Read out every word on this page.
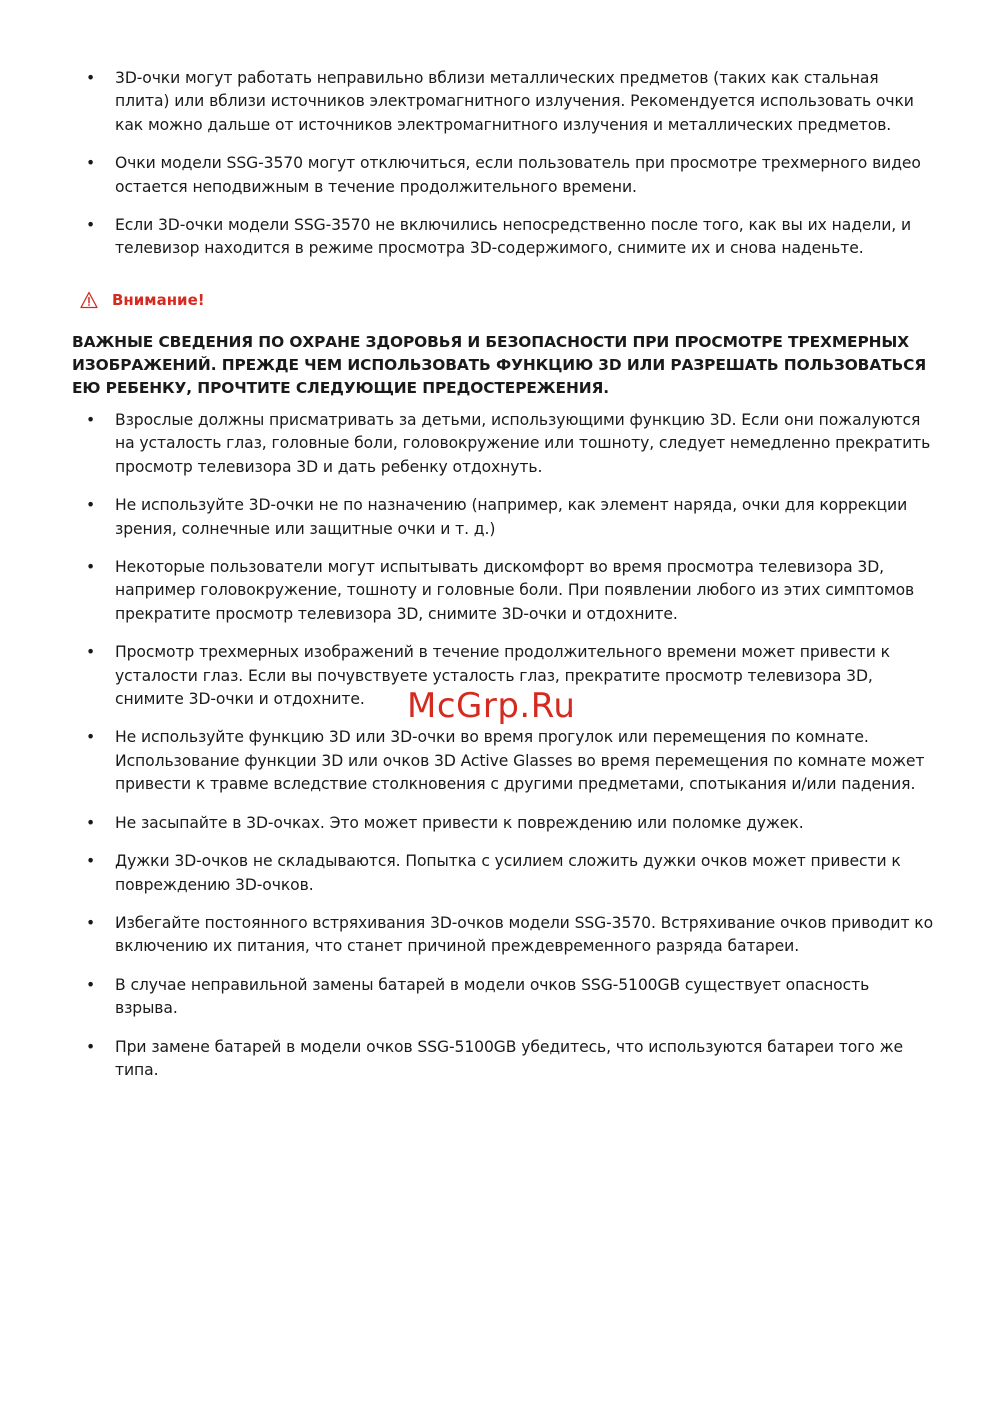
• 3D-очки могут работать неправильно вблизи металлических предметов (таких как стальная плита) или вблизи источников электромагнитного излучения. Рекомендуется использовать очки как можно дальше от источников электромагнитного излучения и металлических предметов.
• Очки модели SSG-3570 могут отключиться, если пользователь при просмотре трехмерного видео остается неподвижным в течение продолжительного времени.
• Если 3D-очки модели SSG-3570 не включились непосредственно после того, как вы их надели, и телевизор находится в режиме просмотра 3D-содержимого, снимите их и снова наденьте.
Внимание!

ВАЖНЫЕ СВЕДЕНИЯ ПО ОХРАНЕ ЗДОРОВЬЯ И БЕЗОПАСНОСТИ ПРИ ПРОСМОТРЕ ТРЕХМЕРНЫХ ИЗОБРАЖЕНИЙ. ПРЕЖДЕ ЧЕМ ИСПОЛЬЗОВАТЬ ФУНКЦИЮ 3D ИЛИ РАЗРЕШАТЬ ПОЛЬЗОВАТЬСЯ ЕЮ РЕБЕНКУ, ПРОЧТИТЕ СЛЕДУЮЩИЕ ПРЕДОСТЕРЕЖЕНИЯ.

• Взрослые должны присматривать за детьми, использующими функцию 3D. Если они пожалуются на усталость глаз, головные боли, головокружение или тошноту, следует немедленно прекратить просмотр телевизора 3D и дать ребенку отдохнуть.
• Не используйте 3D-очки не по назначению (например, как элемент наряда, очки для коррекции зрения, солнечные или защитные очки и т. д.)
• Некоторые пользователи могут испытывать дискомфорт во время просмотра телевизора 3D, например головокружение, тошноту и головные боли. При появлении любого из этих симптомов прекратите просмотр телевизора 3D, снимите 3D-очки и отдохните.
• Просмотр трехмерных изображений в течение продолжительного времени может привести к усталости глаз. Если вы почувствуете усталость глаз, прекратите просмотр телевизора 3D, снимите 3D-очки и отдохните.
• Не используйте функцию 3D или 3D-очки во время прогулок или перемещения по комнате. Использование функции 3D или очков 3D Active Glasses во время перемещения по комнате может привести к травме вследствие столкновения с другими предметами, спотыкания и/или падения.
• Не засыпайте в 3D-очках. Это может привести к повреждению или поломке дужек.
• Дужки 3D-очков не складываются. Попытка с усилием сложить дужки очков может привести к повреждению 3D-очков.
• Избегайте постоянного встряхивания 3D-очков модели SSG-3570. Встряхивание очков приводит ко включению их питания, что станет причиной преждевременного разряда батареи.
• В случае неправильной замены батарей в модели очков SSG-5100GB существует опасность взрыва.
• При замене батарей в модели очков SSG-5100GB убедитесь, что используются батареи того же типа.
McGrp.Ru
